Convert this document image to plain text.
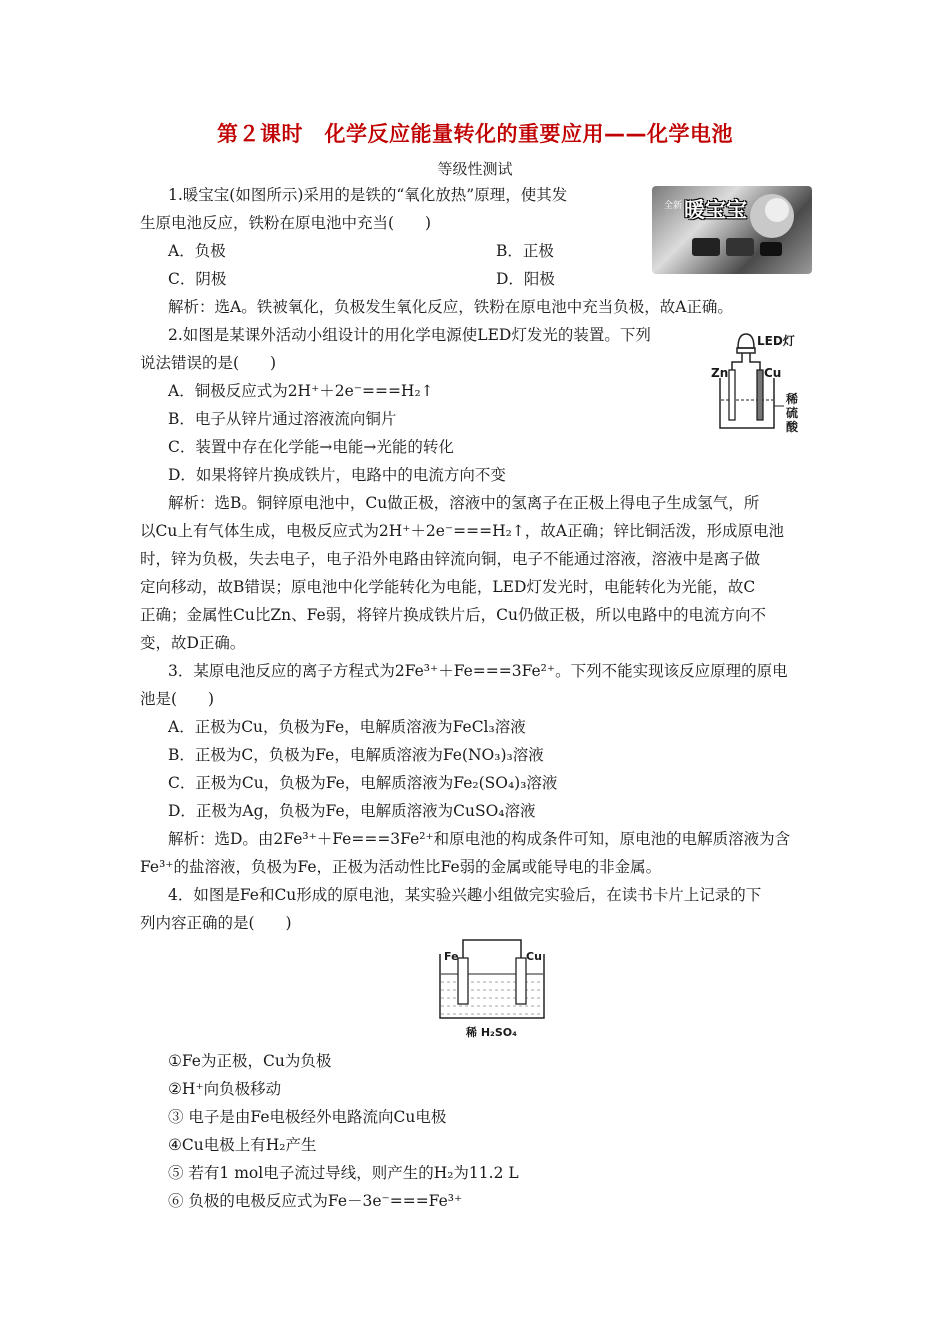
第２课时　化学反应能量转化的重要应用——化学电池
等级性测试
1.暖宝宝(如图所示)采用的是铁的“氧化放热”原理，使其发
生原电池反应，铁粉在原电池中充当(　　)
A．负极	B．正极
C．阴极	D．阳极
解析：选A。铁被氧化，负极发生氧化反应，铁粉在原电池中充当负极，故A正确。
全新 暖宝宝
2.如图是某课外活动小组设计的用化学电源使LED灯发光的装置。下列
说法错误的是(　　)
A．铜极反应式为2H⁺＋2e⁻===H₂↑
B．电子从锌片通过溶液流向铜片
C．装置中存在化学能→电能→光能的转化
D．如果将锌片换成铁片，电路中的电流方向不变
LED灯
Zn	Cu
稀
硫
酸
解析：选B。铜锌原电池中，Cu做正极，溶液中的氢离子在正极上得电子生成氢气，所
以Cu上有气体生成，电极反应式为2H⁺＋2e⁻===H₂↑，故A正确；锌比铜活泼，形成原电池
时，锌为负极，失去电子，电子沿外电路由锌流向铜，电子不能通过溶液，溶液中是离子做
定向移动，故B错误；原电池中化学能转化为电能，LED灯发光时，电能转化为光能，故C
正确；金属性Cu比Zn、Fe弱，将锌片换成铁片后，Cu仍做正极，所以电路中的电流方向不
变，故D正确。
3．某原电池反应的离子方程式为2Fe³⁺＋Fe===3Fe²⁺。下列不能实现该反应原理的原电
池是(　　)
A．正极为Cu，负极为Fe，电解质溶液为FeCl₃溶液
B．正极为C，负极为Fe，电解质溶液为Fe(NO₃)₃溶液
C．正极为Cu，负极为Fe，电解质溶液为Fe₂(SO₄)₃溶液
D．正极为Ag，负极为Fe，电解质溶液为CuSO₄溶液
解析：选D。由2Fe³⁺＋Fe===3Fe²⁺和原电池的构成条件可知，原电池的电解质溶液为含
Fe³⁺的盐溶液，负极为Fe，正极为活动性比Fe弱的金属或能导电的非金属。
4．如图是Fe和Cu形成的原电池，某实验兴趣小组做完实验后，在读书卡片上记录的下
列内容正确的是(　　)
Fe	Cu
稀 H₂SO₄
①Fe为正极，Cu为负极
②H⁺向负极移动
③ 电子是由Fe电极经外电路流向Cu电极
④Cu电极上有H₂产生
⑤ 若有1 mol电子流过导线，则产生的H₂为11.2 L
⑥ 负极的电极反应式为Fe－3e⁻===Fe³⁺
